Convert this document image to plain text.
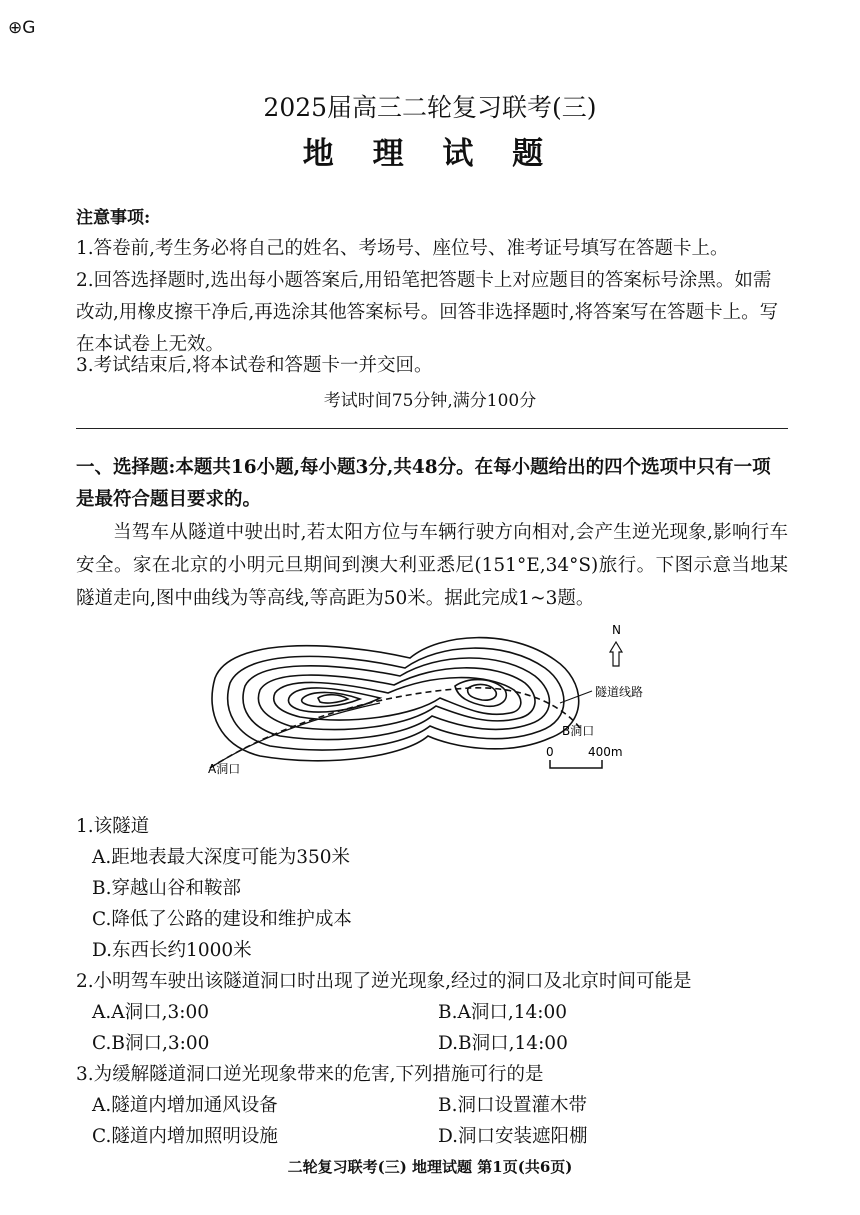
⊕G
2025届高三二轮复习联考(三)
地 理 试 题
注意事项:
1.答卷前,考生务必将自己的姓名、考场号、座位号、准考证号填写在答题卡上。
2.回答选择题时,选出每小题答案后,用铅笔把答题卡上对应题目的答案标号涂黑。如需改动,用橡皮擦干净后,再选涂其他答案标号。回答非选择题时,将答案写在答题卡上。写在本试卷上无效。
3.考试结束后,将本试卷和答题卡一并交回。
考试时间75分钟,满分100分
一、选择题:本题共16小题,每小题3分,共48分。在每小题给出的四个选项中只有一项是最符合题目要求的。
当驾车从隧道中驶出时,若太阳方位与车辆行驶方向相对,会产生逆光现象,影响行车安全。家在北京的小明元旦期间到澳大利亚悉尼(151°E,34°S)旅行。下图示意当地某隧道走向,图中曲线为等高线,等高距为50米。据此完成1~3题。
隧道线路
B洞口
A洞口
N
0	400m
1.该隧道
A.距地表最大深度可能为350米
B.穿越山谷和鞍部
C.降低了公路的建设和维护成本
D.东西长约1000米
2.小明驾车驶出该隧道洞口时出现了逆光现象,经过的洞口及北京时间可能是
A.A洞口,3:00	B.A洞口,14:00
C.B洞口,3:00	D.B洞口,14:00
3.为缓解隧道洞口逆光现象带来的危害,下列措施可行的是
A.隧道内增加通风设备	B.洞口设置灌木带
C.隧道内增加照明设施	D.洞口安装遮阳棚
二轮复习联考(三) 地理试题 第1页(共6页)
